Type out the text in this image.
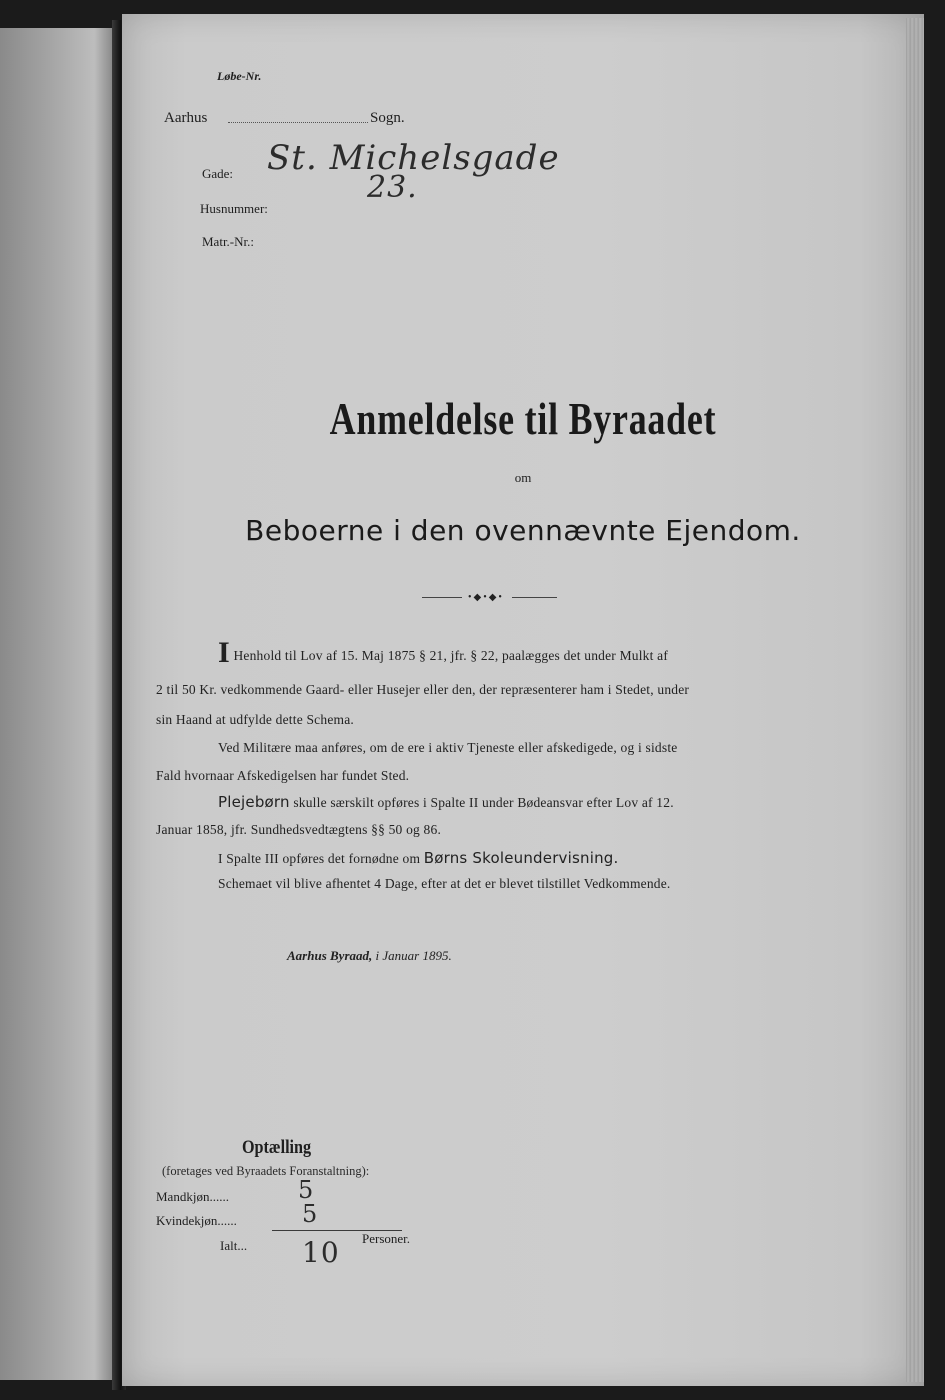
Løbe-Nr.
Aarhus	Sogn.
Gade: St. Michelsgade
Husnummer:
23.
Matr.-Nr.:
Anmeldelse til Byraadet
om
Beboerne i den ovennævnte Ejendom.
•◆•◆•
I Henhold til Lov af 15. Maj 1875 § 21, jfr. § 22, paalægges det under Mulkt af
2 til 50 Kr. vedkommende Gaard- eller Husejer eller den, der repræsenterer ham i Stedet, under
sin Haand at udfylde dette Schema.
Ved Militære maa anføres, om de ere i aktiv Tjeneste eller afskedigede, og i sidste
Fald hvornaar Afskedigelsen har fundet Sted.
Plejebørn skulle særskilt opføres i Spalte II under Bødeansvar efter Lov af 12.
Januar 1858, jfr. Sundhedsvedtægtens §§ 50 og 86.
I Spalte III opføres det fornødne om Børns Skoleundervisning.
Schemaet vil blive afhentet 4 Dage, efter at det er blevet tilstillet Vedkommende.
Aarhus Byraad, i Januar 1895.
Optælling
(foretages ved Byraadets Foranstaltning):
Mandkjøn......	5
Kvindekjøn......	5
Ialt... 10 Personer.
